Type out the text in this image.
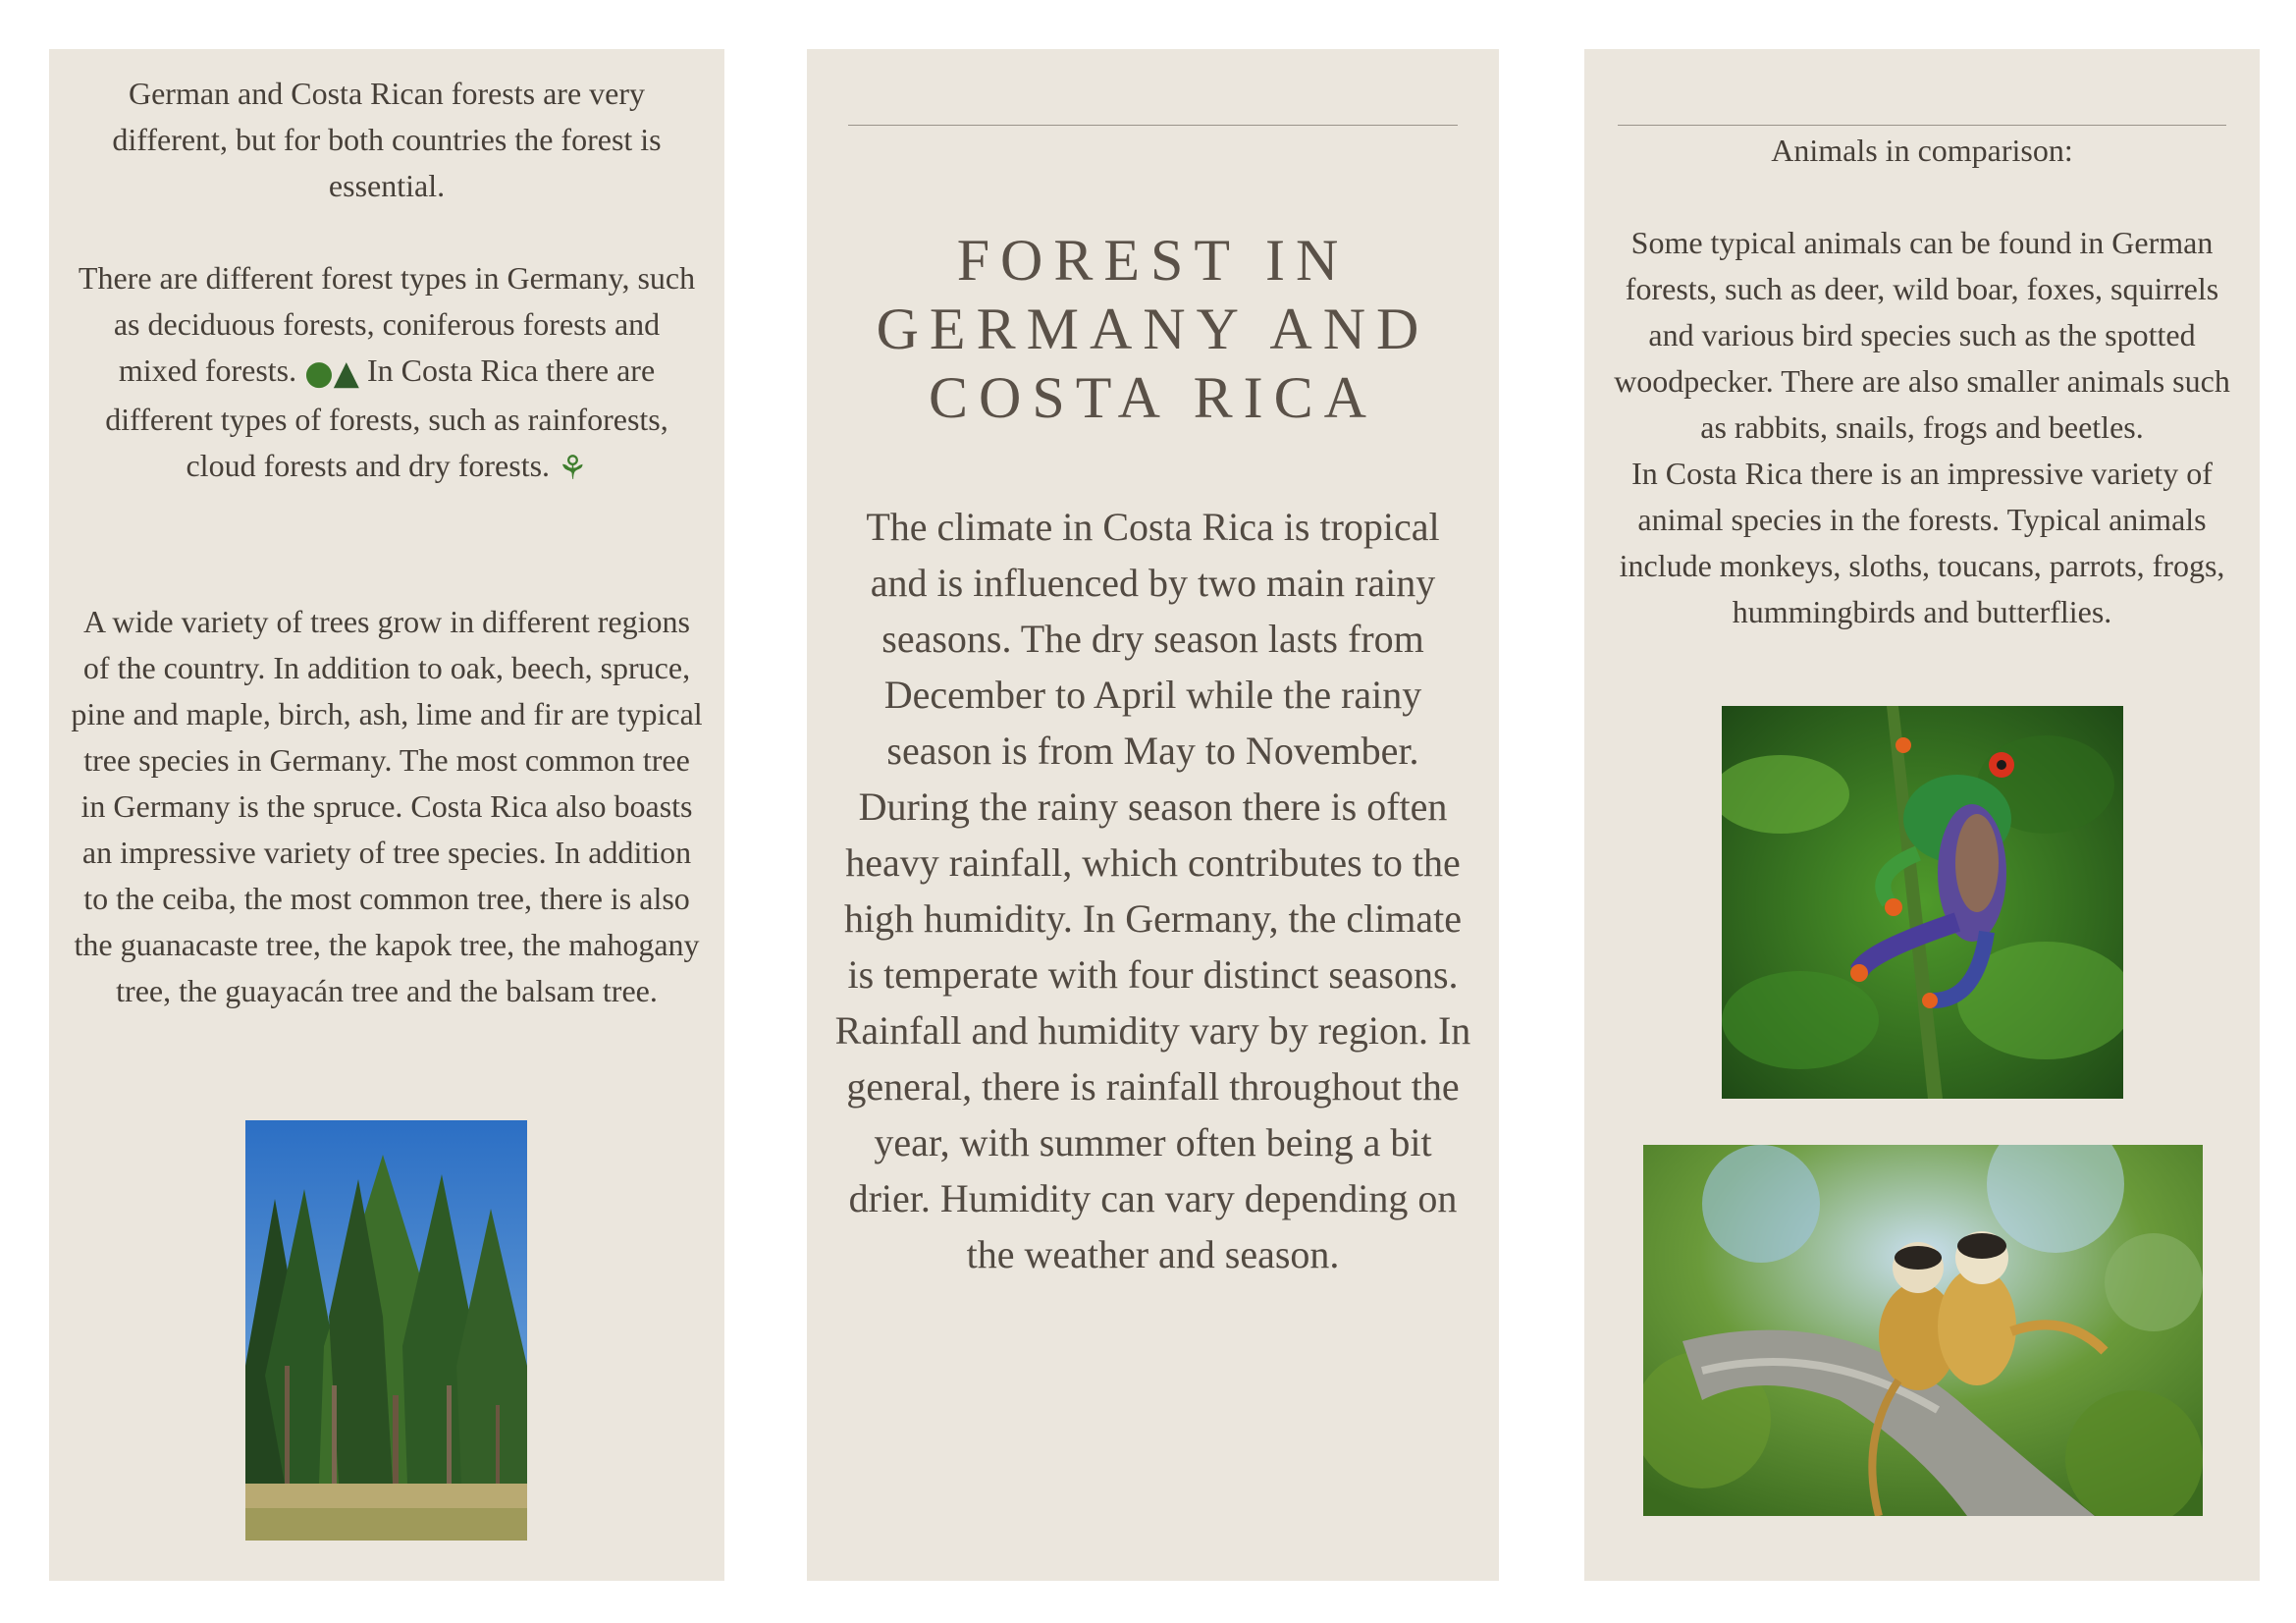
German and Costa Rican forests are very different, but for both countries the forest is essential.

There are different forest types in Germany, such as deciduous forests, coniferous forests and mixed forests. ●▲ In Costa Rica there are different types of forests, such as rainforests, cloud forests and dry forests. ⚘

A wide variety of trees grow in different regions of the country. In addition to oak, beech, spruce, pine and maple, birch, ash, lime and fir are typical tree species in Germany. The most common tree in Germany is the spruce. Costa Rica also boasts an impressive variety of tree species. In addition to the ceiba, the most common tree, there is also the guanacaste tree, the kapok tree, the mahogany tree, the guayacán tree and the balsam tree.

FOREST IN
GERMANY AND
COSTA RICA

The climate in Costa Rica is tropical and is influenced by two main rainy seasons. The dry season lasts from December to April while the rainy season is from May to November. During the rainy season there is often heavy rainfall, which contributes to the high humidity. In Germany, the climate is temperate with four distinct seasons. Rainfall and humidity vary by region. In general, there is rainfall throughout the year, with summer often being a bit drier. Humidity can vary depending on the weather and season.

Animals in comparison:

Some typical animals can be found in German forests, such as deer, wild boar, foxes, squirrels and various bird species such as the spotted woodpecker. There are also smaller animals such as rabbits, snails, frogs and beetles.

In Costa Rica there is an impressive variety of animal species in the forests. Typical animals include monkeys, sloths, toucans, parrots, frogs, hummingbirds and butterflies.
